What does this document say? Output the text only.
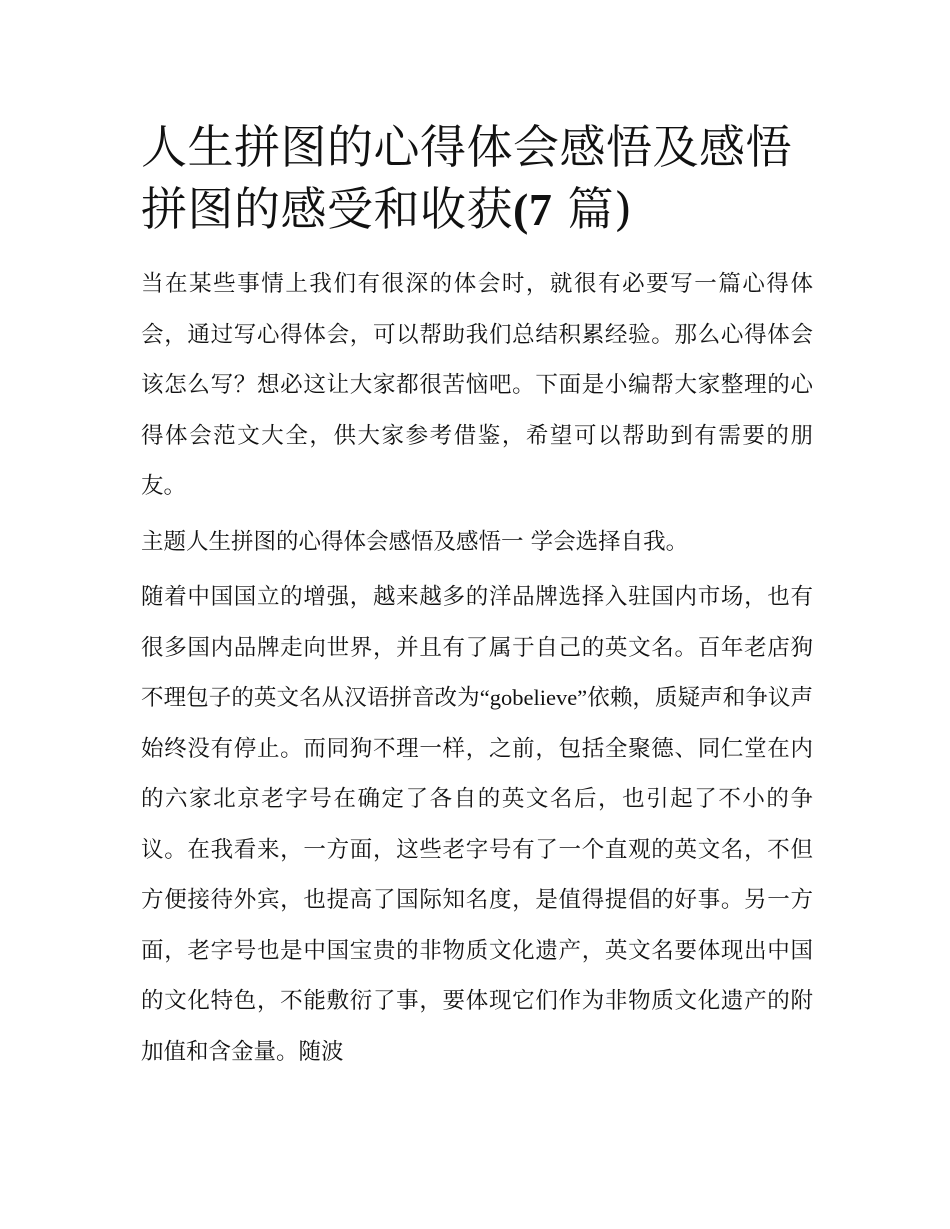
人生拼图的心得体会感悟及感悟 拼图的感受和收获(7 篇)

当在某些事情上我们有很深的体会时，就很有必要写一篇心得体会，通过写心得体会，可以帮助我们总结积累经验。那么心得体会该怎么写？想必这让大家都很苦恼吧。下面是小编帮大家整理的心得体会范文大全，供大家参考借鉴，希望可以帮助到有需要的朋友。

主题人生拼图的心得体会感悟及感悟一 学会选择自我。

随着中国国立的增强，越来越多的洋品牌选择入驻国内市场，也有很多国内品牌走向世界，并且有了属于自己的英文名。百年老店狗不理包子的英文名从汉语拼音改为“gobelieve”依赖，质疑声和争议声始终没有停止。而同狗不理一样，之前，包括全聚德、同仁堂在内的六家北京老字号在确定了各自的英文名后，也引起了不小的争议。在我看来，一方面，这些老字号有了一个直观的英文名，不但方便接待外宾，也提高了国际知名度，是值得提倡的好事。另一方面，老字号也是中国宝贵的非物质文化遗产，英文名要体现出中国的文化特色，不能敷衍了事，要体现它们作为非物质文化遗产的附加值和含金量。随波
